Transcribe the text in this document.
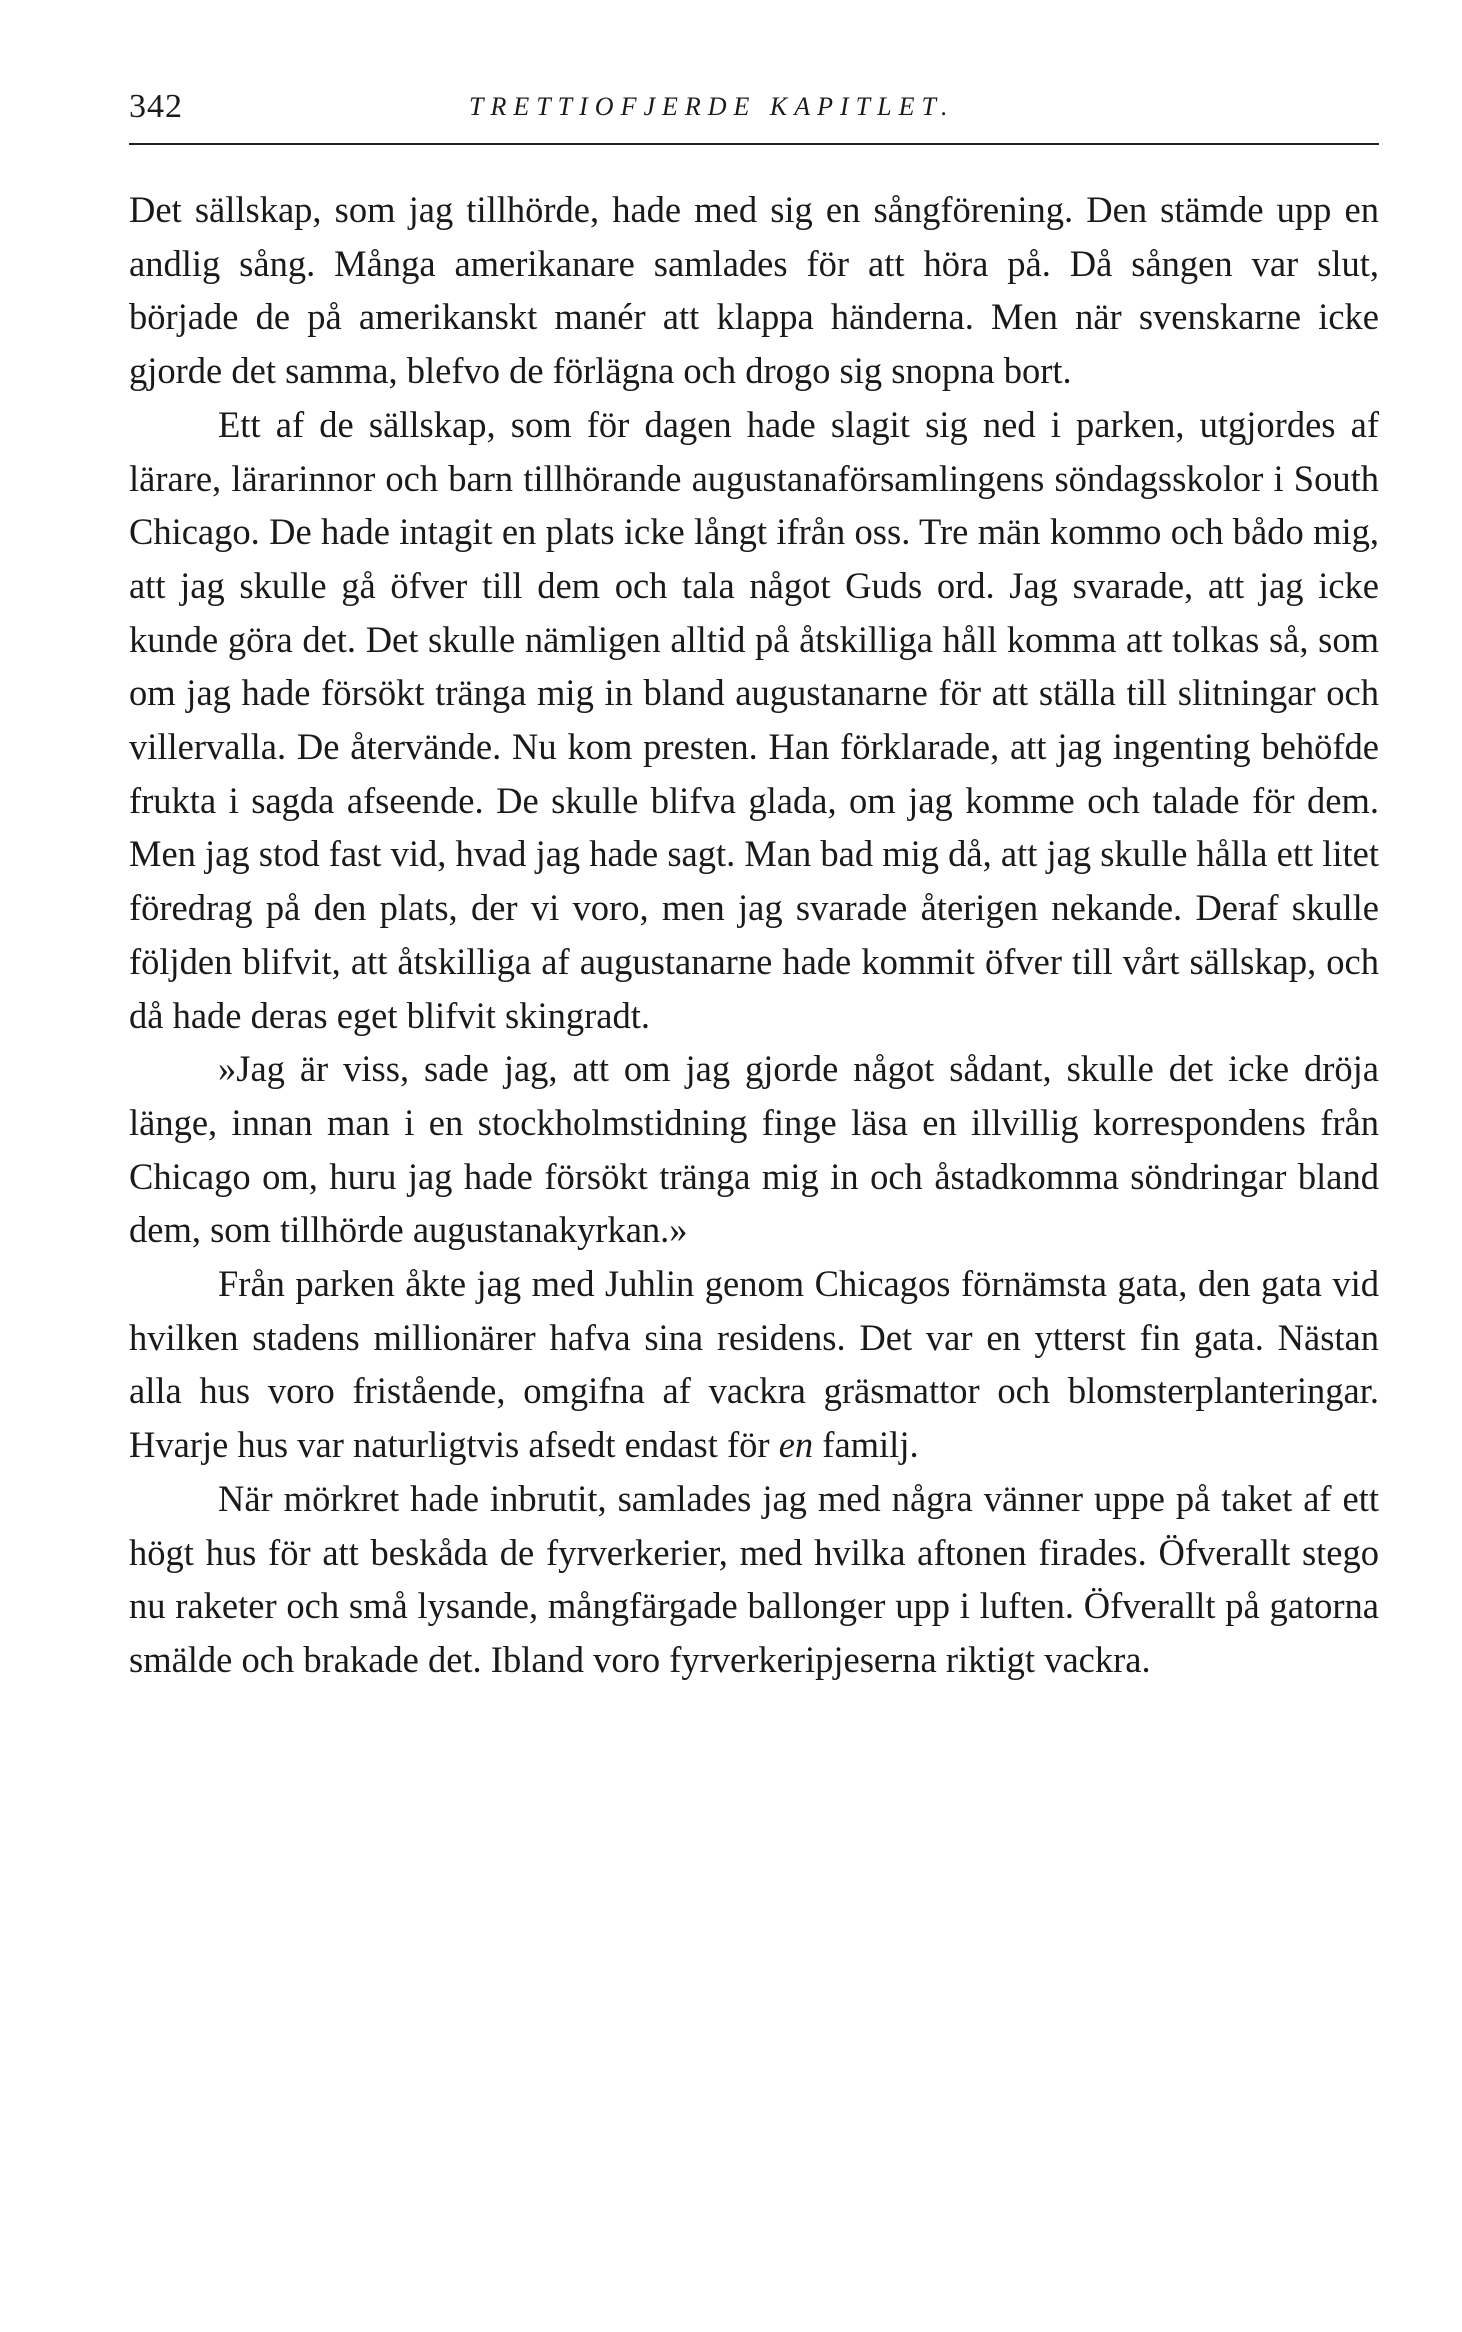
342	TRETTIOFJERDE KAPITLET.

Det sällskap, som jag tillhörde, hade med sig en sångförening. Den stämde upp en andlig sång. Många amerikanare samlades för att höra på. Då sången var slut, började de på amerikanskt manér att klappa händerna. Men när svenskarne icke gjorde det samma, blefvo de förlägna och drogo sig snopna bort.

Ett af de sällskap, som för dagen hade slagit sig ned i parken, utgjordes af lärare, lärarinnor och barn tillhörande augustanaförsamlingens söndagsskolor i South Chicago. De hade intagit en plats icke långt ifrån oss. Tre män kommo och bådo mig, att jag skulle gå öfver till dem och tala något Guds ord. Jag svarade, att jag icke kunde göra det. Det skulle nämligen alltid på åtskilliga håll komma att tolkas så, som om jag hade försökt tränga mig in bland augustanarne för att ställa till slitningar och villervalla. De återvände. Nu kom presten. Han förklarade, att jag ingenting behöfde frukta i sagda afseende. De skulle blifva glada, om jag komme och talade för dem. Men jag stod fast vid, hvad jag hade sagt. Man bad mig då, att jag skulle hålla ett litet föredrag på den plats, der vi voro, men jag svarade återigen nekande. Deraf skulle följden blifvit, att åtskilliga af augustanarne hade kommit öfver till vårt sällskap, och då hade deras eget blifvit skingradt.

»Jag är viss, sade jag, att om jag gjorde något sådant, skulle det icke dröja länge, innan man i en stockholmstidning finge läsa en illvillig korrespondens från Chicago om, huru jag hade försökt tränga mig in och åstadkomma söndringar bland dem, som tillhörde augustanakyrkan.»

Från parken åkte jag med Juhlin genom Chicagos förnämsta gata, den gata vid hvilken stadens millionärer hafva sina residens. Det var en ytterst fin gata. Nästan alla hus voro fristående, omgifna af vackra gräsmattor och blomsterplanteringar. Hvarje hus var naturligtvis afsedt endast för en familj.

När mörkret hade inbrutit, samlades jag med några vänner uppe på taket af ett högt hus för att beskåda de fyrverkerier, med hvilka aftonen firades. Öfverallt stego nu raketer och små lysande, mångfärgade ballonger upp i luften. Öfverallt på gatorna smälde och brakade det. Ibland voro fyrverkeripjeserna riktigt vackra.
